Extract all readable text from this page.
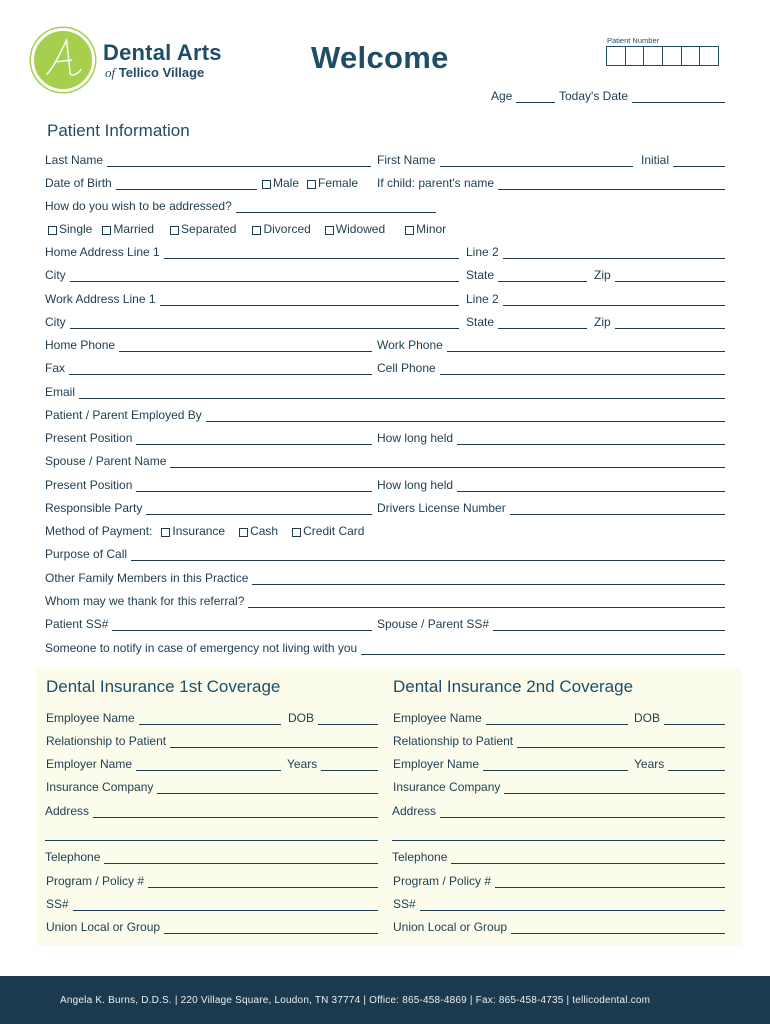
Dental Arts
of Tellico Village	Welcome	Patient Number
Age	Today's Date
Patient Information
Last Name	First Name	Initial
Date of Birth	Male Female If child: parent's name
How do you wish to be addressed?
Single Married Separated Divorced Widowed	Minor
Home Address Line 1	Line 2
City	State	Zip
Work Address Line 1	Line 2
City	State	Zip
Home Phone	Work Phone
Fax	Cell Phone
Email
Patient / Parent Employed By
Present Position	How long held
Spouse / Parent Name
Present Position	How long held
Responsible Party	Drivers License Number
Method of Payment:	Insurance Cash Credit Card
Purpose of Call
Other Family Members in this Practice
Whom may we thank for this referral?
Patient SS#	Spouse / Parent SS#
Someone to notify in case of emergency not living with you
Dental Insurance 1st Coverage	Dental Insurance 2nd Coverage
Employee Name	DOB
Relationship to Patient
Employer Name	Years
Insurance Company
Address
Telephone
Program / Policy #
SS#
Union Local or Group
Employee Name	DOB
Relationship to Patient
Employer Name	Years
Insurance Company
Address
Telephone
Program / Policy #
SS#
Union Local or Group
Angela K. Burns, D.D.S. | 220 Village Square, Loudon, TN 37774 | Office: 865-458-4869 | Fax: 865-458-4735 | tellicodental.com
